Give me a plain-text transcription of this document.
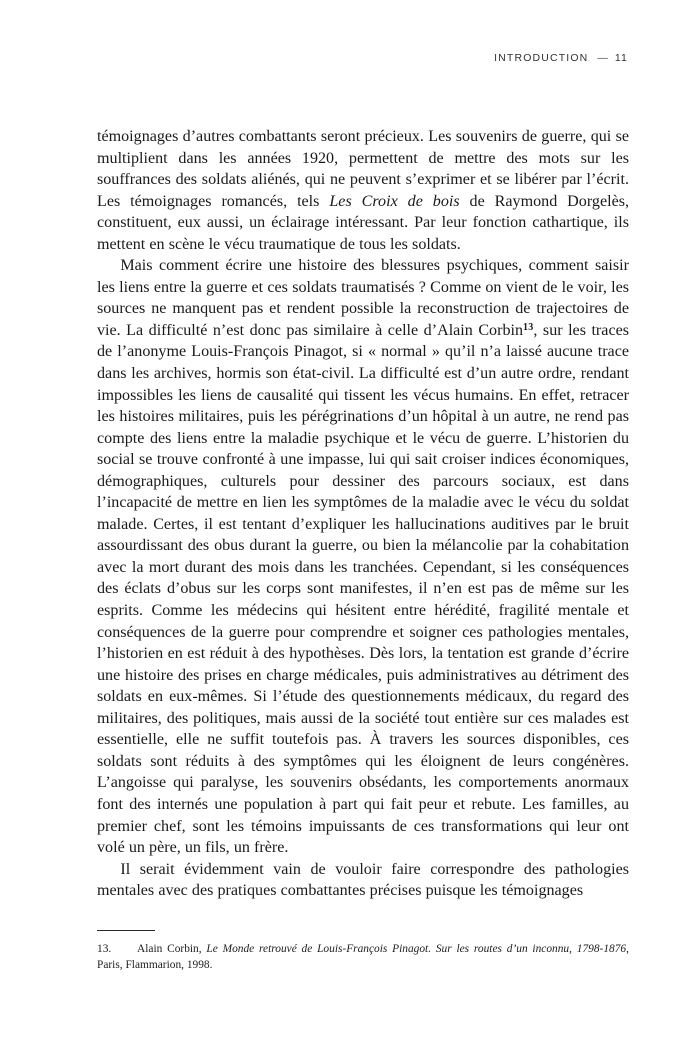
INTRODUCTION — 11

témoignages d’autres combattants seront précieux. Les souvenirs de guerre, qui se multiplient dans les années 1920, permettent de mettre des mots sur les souffrances des soldats aliénés, qui ne peuvent s’exprimer et se libérer par l’écrit. Les témoignages romancés, tels Les Croix de bois de Raymond Dorgelès, constituent, eux aussi, un éclairage intéressant. Par leur fonction cathartique, ils mettent en scène le vécu traumatique de tous les soldats.

Mais comment écrire une histoire des blessures psychiques, comment saisir les liens entre la guerre et ces soldats traumatisés ? Comme on vient de le voir, les sources ne manquent pas et rendent possible la reconstruction de trajectoires de vie. La difficulté n’est donc pas similaire à celle d’Alain Corbin$^{13}$, sur les traces de l’anonyme Louis-François Pinagot, si « normal » qu’il n’a laissé aucune trace dans les archives, hormis son état-civil. La difficulté est d’un autre ordre, rendant impossibles les liens de causalité qui tissent les vécus humains. En effet, retracer les histoires militaires, puis les pérégrinations d’un hôpital à un autre, ne rend pas compte des liens entre la maladie psychique et le vécu de guerre. L’historien du social se trouve confronté à une impasse, lui qui sait croiser indices économiques, démographiques, culturels pour dessiner des parcours sociaux, est dans l’incapacité de mettre en lien les symptômes de la maladie avec le vécu du soldat malade. Certes, il est tentant d’expliquer les hallucinations auditives par le bruit assourdissant des obus durant la guerre, ou bien la mélancolie par la cohabitation avec la mort durant des mois dans les tranchées. Cependant, si les conséquences des éclats d’obus sur les corps sont manifestes, il n’en est pas de même sur les esprits. Comme les médecins qui hésitent entre hérédité, fragilité mentale et conséquences de la guerre pour comprendre et soigner ces pathologies mentales, l’historien en est réduit à des hypothèses. Dès lors, la tentation est grande d’écrire une histoire des prises en charge médicales, puis administratives au détriment des soldats en eux-mêmes. Si l’étude des questionnements médicaux, du regard des militaires, des politiques, mais aussi de la société tout entière sur ces malades est essentielle, elle ne suffit toutefois pas. À travers les sources disponibles, ces soldats sont réduits à des symptômes qui les éloignent de leurs congénères. L’angoisse qui paralyse, les souvenirs obsédants, les comportements anormaux font des internés une population à part qui fait peur et rebute. Les familles, au premier chef, sont les témoins impuissants de ces transformations qui leur ont volé un père, un fils, un frère.

Il serait évidemment vain de vouloir faire correspondre des pathologies mentales avec des pratiques combattantes précises puisque les témoignages

13. Alain Corbin, Le Monde retrouvé de Louis-François Pinagot. Sur les routes d’un inconnu, 1798-1876, Paris, Flammarion, 1998.
